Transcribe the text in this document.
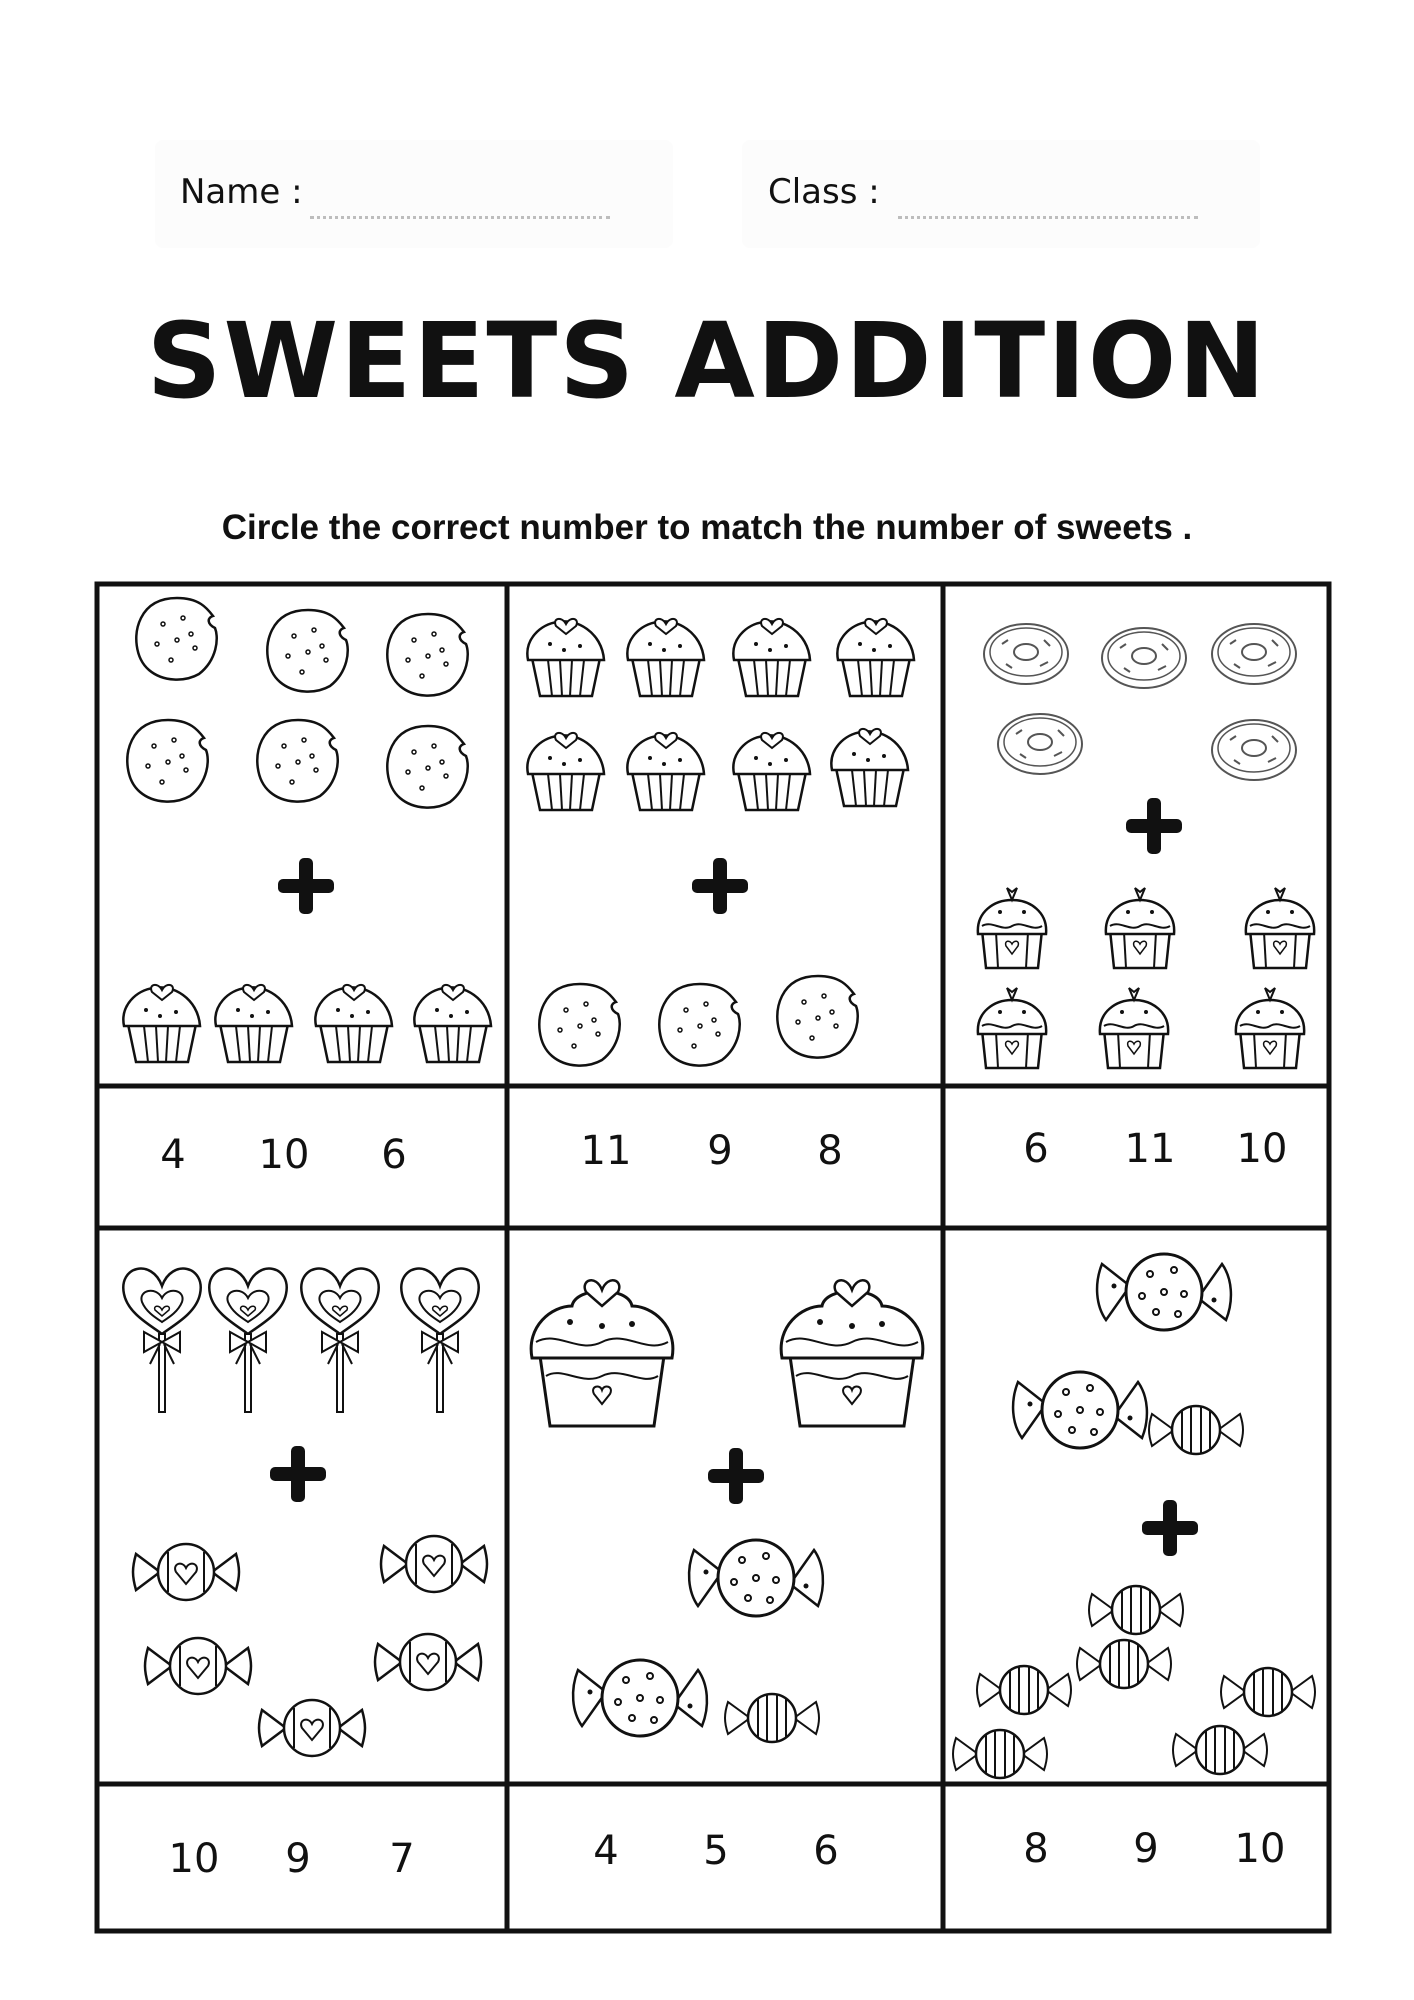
Name :	Class :
SWEETS ADDITION
Circle the correct number to match the number of sweets .
4	10	6	11	9	8	6	11	10
10	9	7	4	5	6	8	9	10
